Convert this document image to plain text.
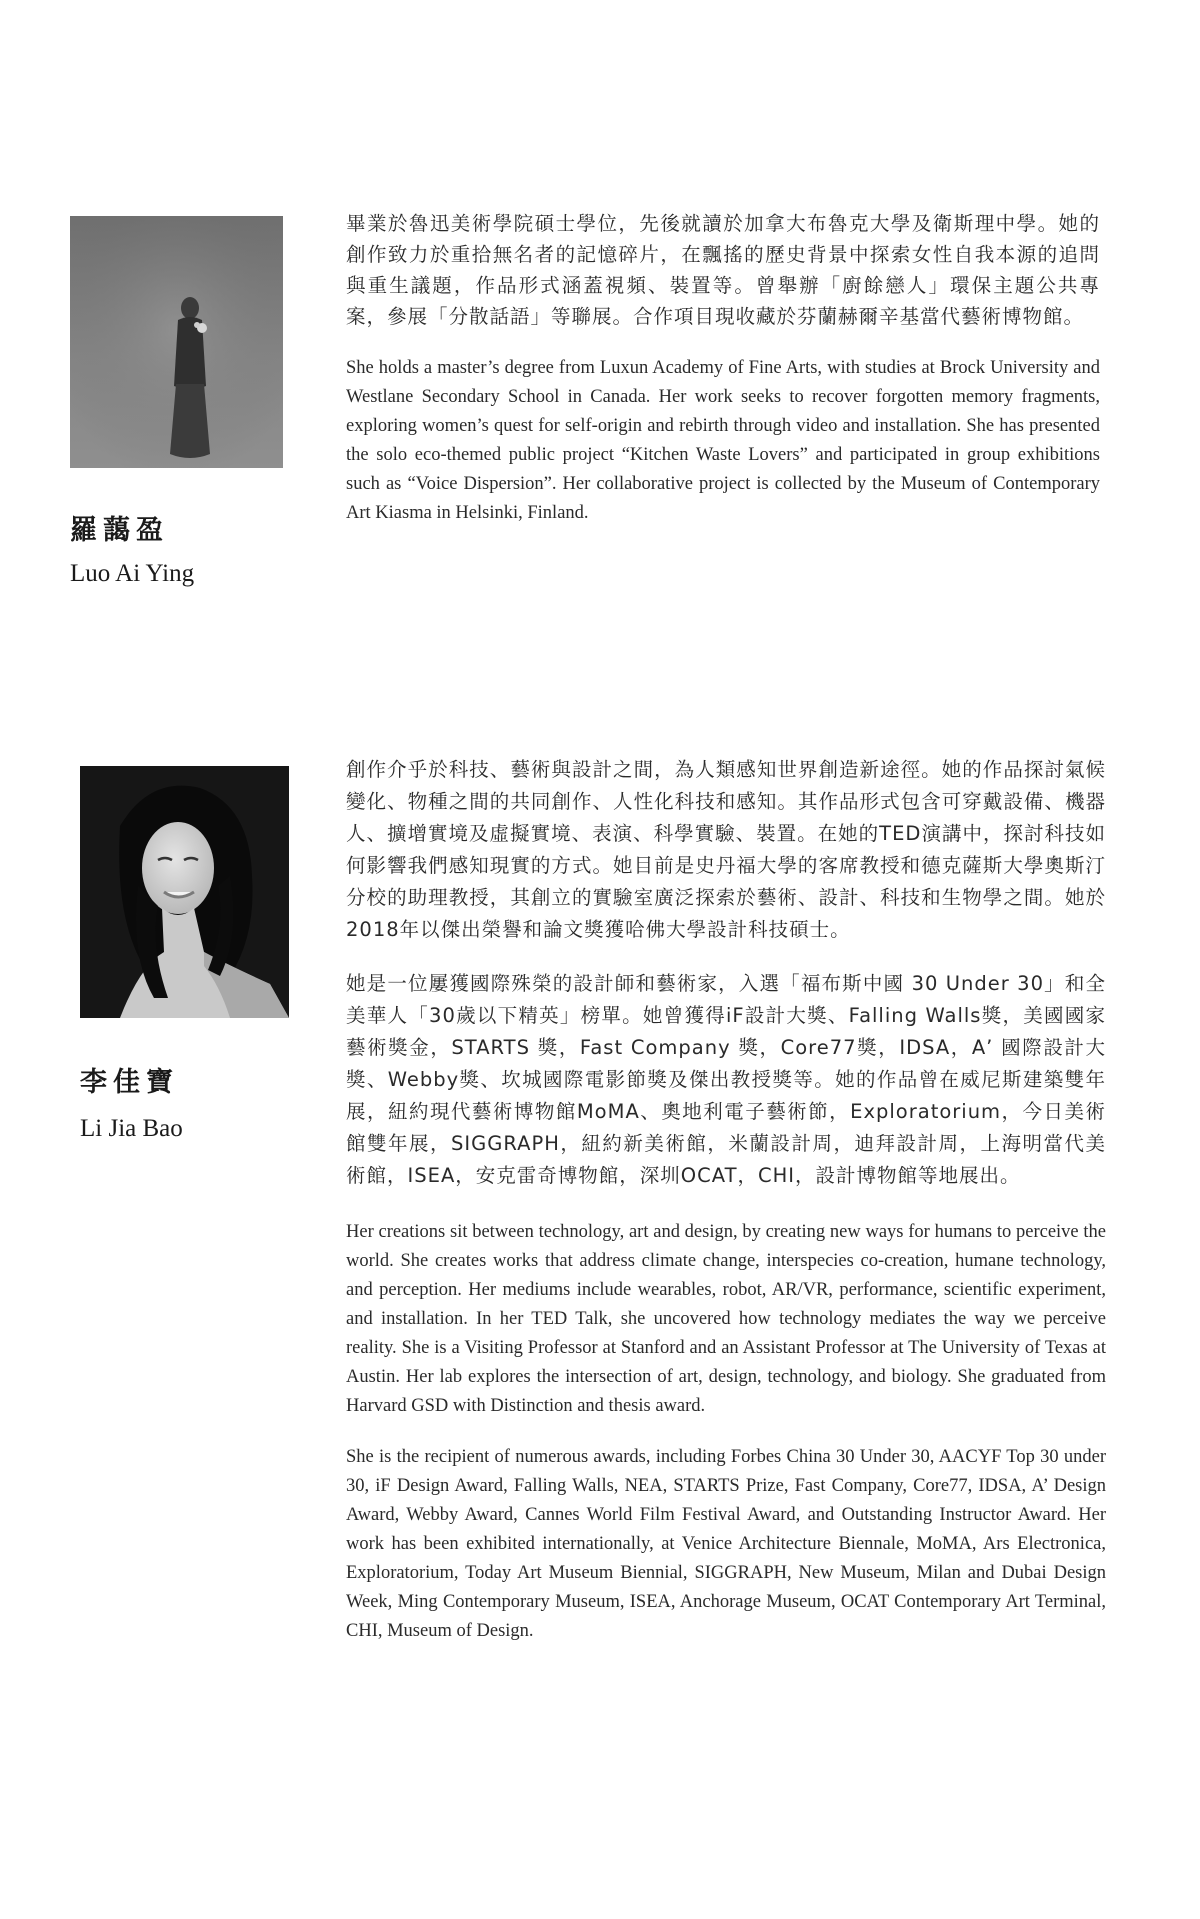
羅藹盈
Luo Ai Ying

畢業於魯迅美術學院碩士學位，先後就讀於加拿大布魯克大學及衛斯理中學。她的創作致力於重拾無名者的記憶碎片，在飄搖的歷史背景中探索女性自我本源的追問與重生議題，作品形式涵蓋視頻、裝置等。曾舉辦「廚餘戀人」環保主題公共專案，參展「分散話語」等聯展。合作項目現收藏於芬蘭赫爾辛基當代藝術博物館。

She holds a master’s degree from Luxun Academy of Fine Arts, with studies at Brock University and Westlane Secondary School in Canada. Her work seeks to recover forgotten memory fragments, exploring women’s quest for self-origin and rebirth through video and installation. She has presented the solo eco-themed public project “Kitchen Waste Lovers” and participated in group exhibitions such as “Voice Dispersion”. Her collaborative project is collected by the Museum of Contemporary Art Kiasma in Helsinki, Finland.

李佳寶
Li Jia Bao

創作介乎於科技、藝術與設計之間，為人類感知世界創造新途徑。她的作品探討氣候變化、物種之間的共同創作、人性化科技和感知。其作品形式包含可穿戴設備、機器人、擴增實境及虛擬實境、表演、科學實驗、裝置。在她的TED演講中，探討科技如何影響我們感知現實的方式。她目前是史丹福大學的客席教授和德克薩斯大學奧斯汀分校的助理教授，其創立的實驗室廣泛探索於藝術、設計、科技和生物學之間。她於2018年以傑出榮譽和論文獎獲哈佛大學設計科技碩士。

她是一位屢獲國際殊榮的設計師和藝術家，入選「福布斯中國 30 Under 30」和全美華人「30歲以下精英」榜單。她曾獲得iF設計大獎、Falling Walls獎，美國國家藝術獎金，STARTS 獎，Fast Company 獎，Core77獎，IDSA，A’ 國際設計大獎、Webby獎、坎城國際電影節獎及傑出教授獎等。她的作品曾在威尼斯建築雙年展，紐約現代藝術博物館MoMA、奧地利電子藝術節，Exploratorium，今日美術館雙年展，SIGGRAPH，紐約新美術館，米蘭設計周，迪拜設計周，上海明當代美術館，ISEA，安克雷奇博物館，深圳OCAT，CHI，設計博物館等地展出。

Her creations sit between technology, art and design, by creating new ways for humans to perceive the world. She creates works that address climate change, interspecies co-creation, humane technology, and perception. Her mediums include wearables, robot, AR/VR, performance, scientific experiment, and installation. In her TED Talk, she uncovered how technology mediates the way we perceive reality. She is a Visiting Professor at Stanford and an Assistant Professor at The University of Texas at Austin. Her lab explores the intersection of art, design, technology, and biology. She graduated from Harvard GSD with Distinction and thesis award.

She is the recipient of numerous awards, including Forbes China 30 Under 30, AACYF Top 30 under 30, iF Design Award, Falling Walls, NEA, STARTS Prize, Fast Company, Core77, IDSA, A’ Design Award, Webby Award, Cannes World Film Festival Award, and Outstanding Instructor Award. Her work has been exhibited internationally, at Venice Architecture Biennale, MoMA, Ars Electronica, Exploratorium, Today Art Museum Biennial, SIGGRAPH, New Museum, Milan and Dubai Design Week, Ming Contemporary Museum, ISEA, Anchorage Museum, OCAT Contemporary Art Terminal, CHI, Museum of Design.
